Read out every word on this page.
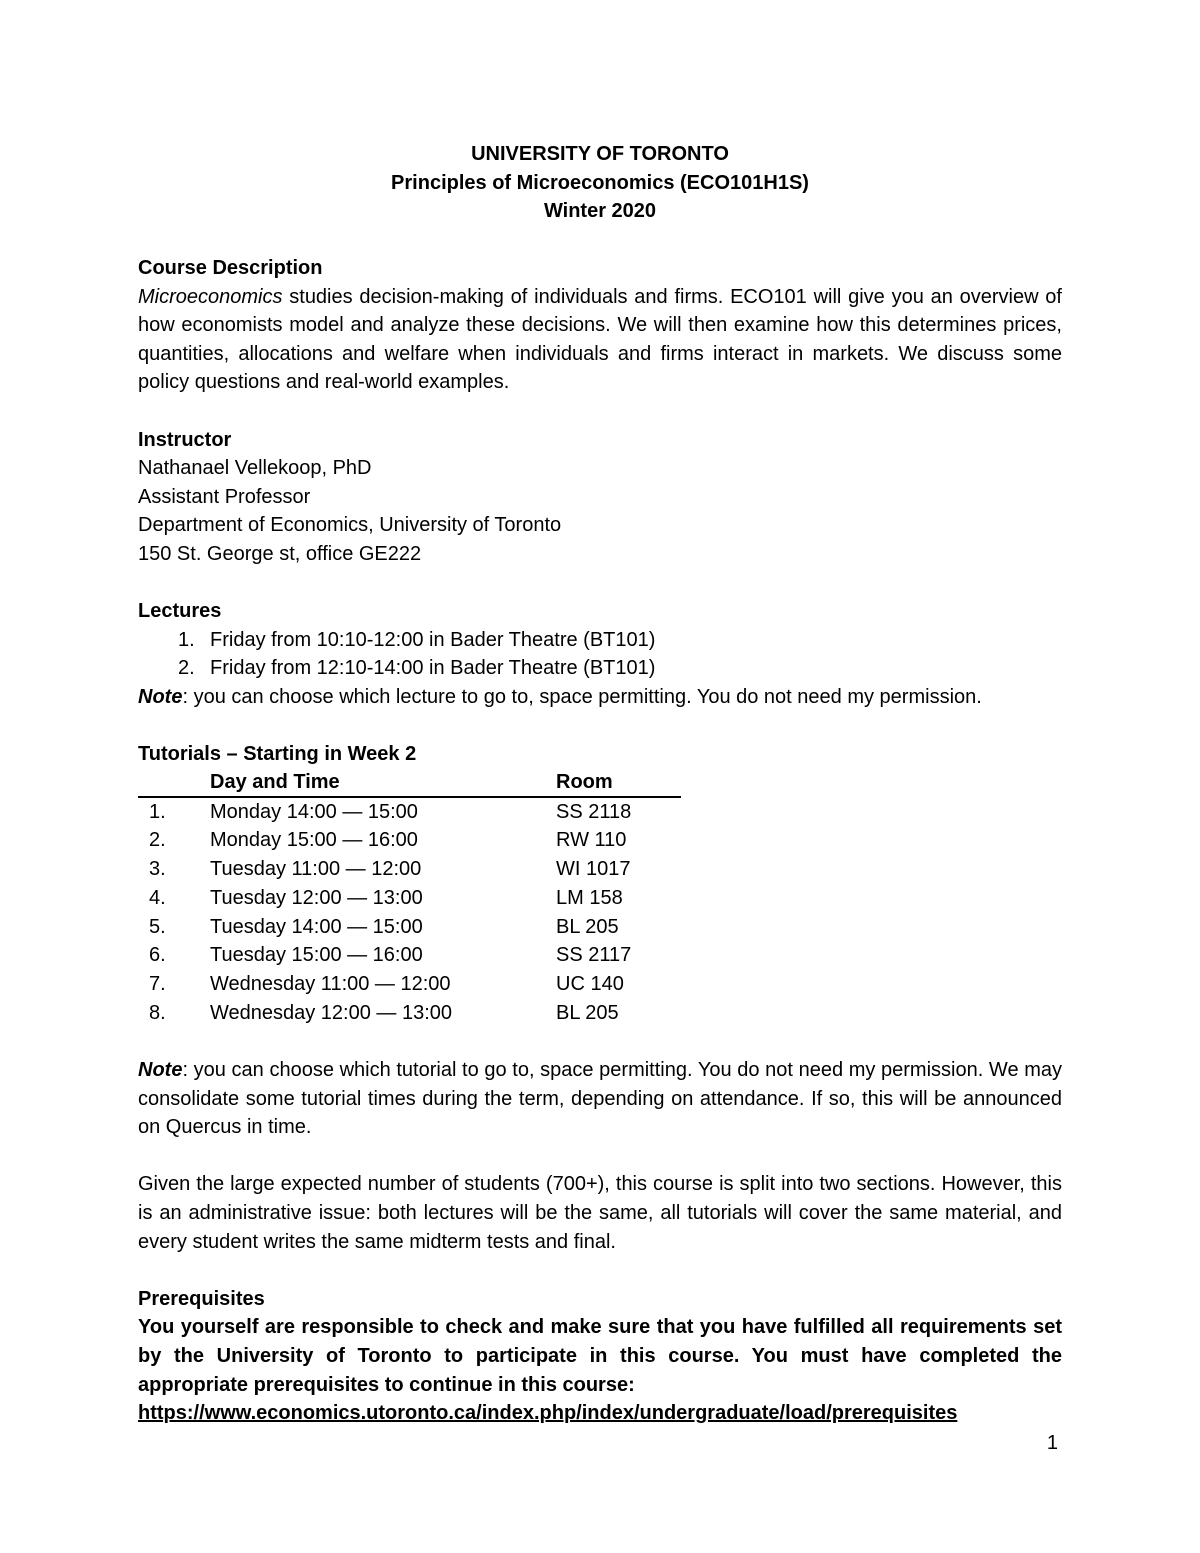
UNIVERSITY OF TORONTO
Principles of Microeconomics (ECO101H1S)
Winter 2020

Course Description

Microeconomics studies decision-making of individuals and firms. ECO101 will give you an overview of how economists model and analyze these decisions. We will then examine how this determines prices, quantities, allocations and welfare when individuals and firms interact in markets. We discuss some policy questions and real-world examples.

Instructor

Nathanael Vellekoop, PhD

Assistant Professor

Department of Economics, University of Toronto

150 St. George st, office GE222

Lectures

1. Friday from 10:10-12:00 in Bader Theatre (BT101)
2. Friday from 12:10-14:00 in Bader Theatre (BT101)

Note: you can choose which lecture to go to, space permitting. You do not need my permission.

Tutorials – Starting in Week 2

	Day and Time	Room
1.	Monday 14:00 — 15:00	SS 2118
2.	Monday 15:00 — 16:00	RW 110
3.	Tuesday 11:00 — 12:00	WI 1017
4.	Tuesday 12:00 — 13:00	LM 158
5.	Tuesday 14:00 — 15:00	BL 205
6.	Tuesday 15:00 — 16:00	SS 2117
7.	Wednesday 11:00 — 12:00	UC 140
8.	Wednesday 12:00 — 13:00	BL 205

Note: you can choose which tutorial to go to, space permitting. You do not need my permission. We may consolidate some tutorial times during the term, depending on attendance. If so, this will be announced on Quercus in time.

Given the large expected number of students (700+), this course is split into two sections. However, this is an administrative issue: both lectures will be the same, all tutorials will cover the same material, and every student writes the same midterm tests and final.

Prerequisites

You yourself are responsible to check and make sure that you have fulfilled all requirements set by the University of Toronto to participate in this course. You must have completed the appropriate prerequisites to continue in this course:

https://www.economics.utoronto.ca/index.php/index/undergraduate/load/prerequisites

1
